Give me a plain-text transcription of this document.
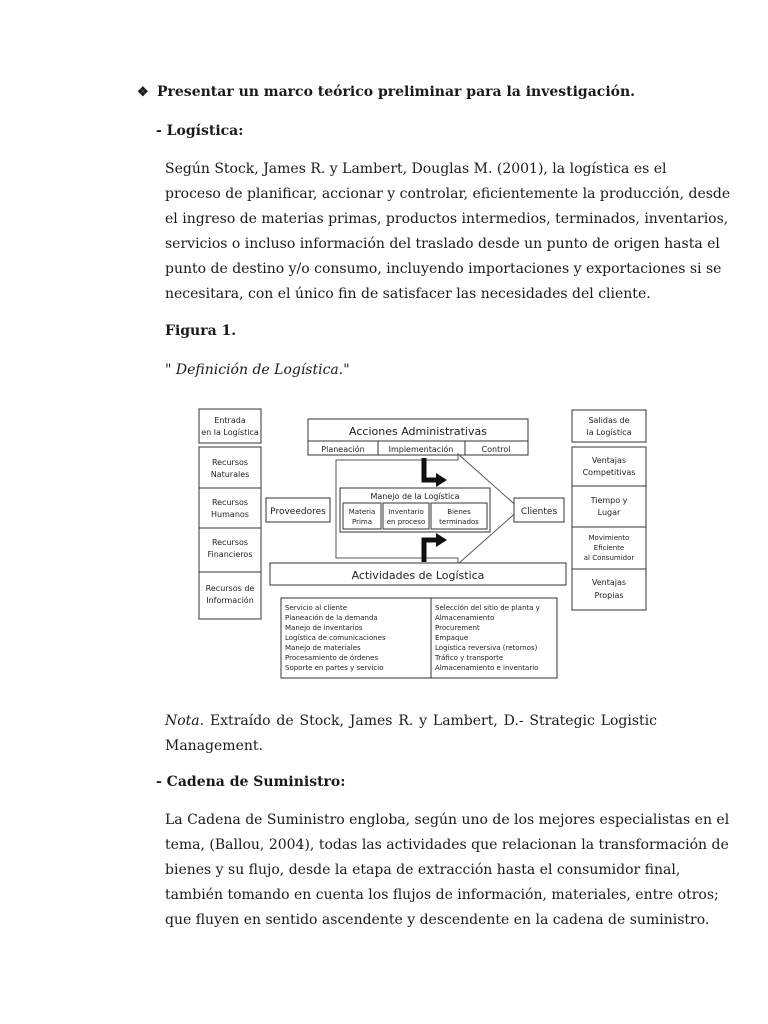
❖ Presentar un marco teórico preliminar para la investigación.
- Logística:
Según Stock, James R. y Lambert, Douglas M. (2001), la logística es el
proceso de planificar, accionar y controlar, eficientemente la producción, desde
el ingreso de materias primas, productos intermedios, terminados, inventarios,
servicios o incluso información del traslado desde un punto de origen hasta el
punto de destino y/o consumo, incluyendo importaciones y exportaciones si se
necesitara, con el único fin de satisfacer las necesidades del cliente.
Figura 1.
" Definición de Logística."
Entrada
en la Logística
Recursos
Naturales
Recursos
Humanos
Recursos
Financieros
Recursos de
Información
Acciones Administrativas
Planeación	Implementación	Control
Proveedores
Manejo de la Logística
Materia
Prima
Inventario
en proceso
Bienes
terminados
Clientes
Actividades de Logística
Servicio al cliente
Planeación de la demanda
Manejo de inventarios
Logística de comunicaciones
Manejo de materiales
Procesamiento de órdenes
Soporte en partes y servicio
Selección del sitio de planta y
Almacenamiento
Procurement
Empaque
Logística reversiva (retornos)
Tráfico y transporte
Almacenamiento e inventario
Salidas de
la Logística
Ventajas
Competitivas
Tiempo y
Lugar
Movimiento
Eficiente
al Consumidor
Ventajas
Propias
Nota. Extraído de Stock, James R. y Lambert, D.- Strategic Logistic
Management.
- Cadena de Suministro:
La Cadena de Suministro engloba, según uno de los mejores especialistas en el
tema, (Ballou, 2004), todas las actividades que relacionan la transformación de
bienes y su flujo, desde la etapa de extracción hasta el consumidor final,
también tomando en cuenta los flujos de información, materiales, entre otros;
que fluyen en sentido ascendente y descendente en la cadena de suministro.
